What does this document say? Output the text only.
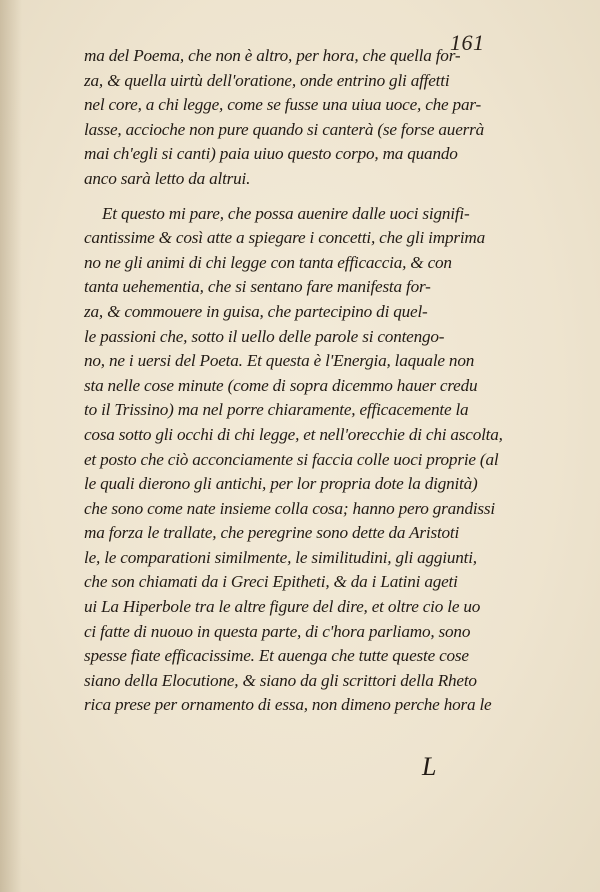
161
ma del Poema, che non è altro, per hora, che quella for-
za, & quella uirtù dell'oratione, onde entrino gli affetti
nel core, a chi legge, come se fusse una uiua uoce, che par-
lasse, accioche non pure quando si canterà (se forse auerrà
mai ch'egli si canti) paia uiuo questo corpo, ma quando
anco sarà letto da altrui.
Et questo mi pare, che possa auenire dalle uoci signifi-
cantissime & così atte a spiegare i concetti, che gli imprima
no ne gli animi di chi legge con tanta efficaccia, & con
tanta uehementia, che si sentano fare manifesta for-
za, & commouere in guisa, che partecipino di quel-
le passioni che, sotto il uello delle parole si contengo-
no, ne i uersi del Poeta. Et questa è l'Energia, laquale non
sta nelle cose minute (come di sopra dicemmo hauer credu
to il Trissino) ma nel porre chiaramente, efficacemente la
cosa sotto gli occhi di chi legge, et nell'orecchie di chi ascolta,
et posto che ciò acconciamente si faccia colle uoci proprie (al
le quali dierono gli antichi, per lor propria dote la dignità)
che sono come nate insieme colla cosa; hanno pero grandissi
ma forza le trallate, che peregrine sono dette da Aristoti
le, le comparationi similmente, le similitudini, gli aggiunti,
che son chiamati da i Greci Epitheti, & da i Latini ageti
ui La Hiperbole tra le altre figure del dire, et oltre cio le uo
ci fatte di nuouo in questa parte, di c'hora parliamo, sono
spesse fiate efficacissime. Et auenga che tutte queste cose
siano della Elocutione, & siano da gli scrittori della Rheto
rica prese per ornamento di essa, non dimeno perche hora le
L
